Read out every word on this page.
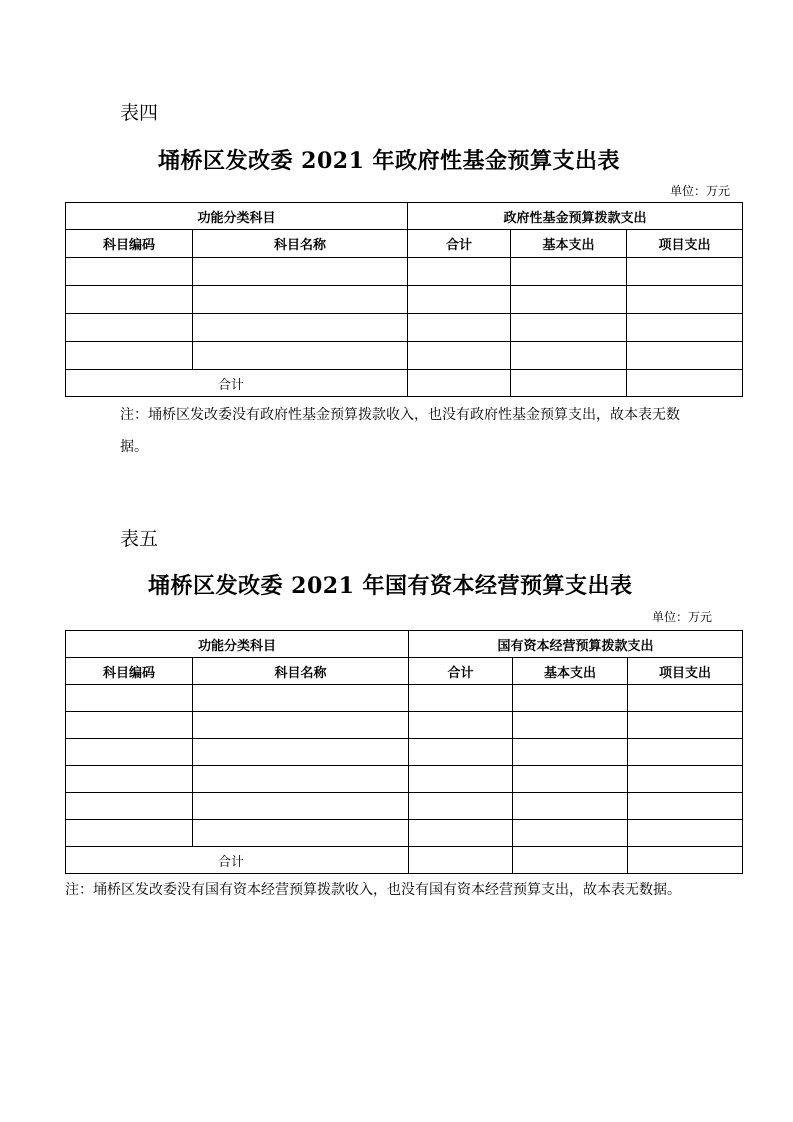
表四
埇桥区发改委 2021 年政府性基金预算支出表
单位：万元
功能分类科目		政府性基金预算拨款支出		
科目编码	科目名称	合计	基本支出	项目支出

合计				
注：埇桥区发改委没有政府性基金预算拨款收入，也没有政府性基金预算支出，故本表无数据。
表五
埇桥区发改委 2021 年国有资本经营预算支出表
单位：万元
功能分类科目		国有资本经营预算拨款支出		
科目编码	科目名称	合计	基本支出	项目支出

合计				
注：埇桥区发改委没有国有资本经营预算拨款收入，也没有国有资本经营预算支出，故本表无数据。
